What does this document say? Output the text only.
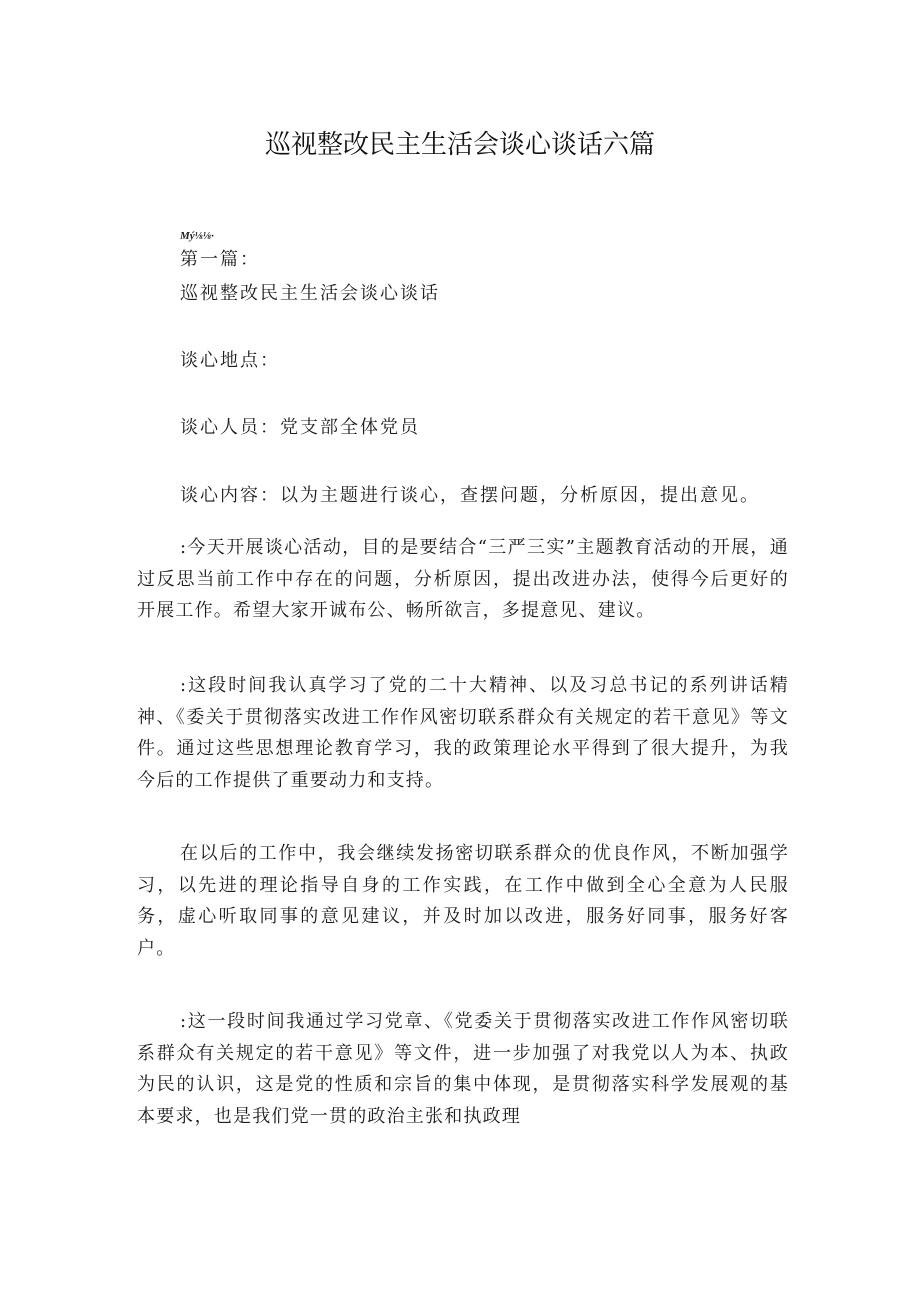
巡视整改民主生活会谈心谈话六篇
Mý⅛⅛·
第一篇：
巡视整改民主生活会谈心谈话
谈心地点：
谈心人员：党支部全体党员
谈心内容：以为主题进行谈心，查摆问题，分析原因，提出意见。

:今天开展谈心活动，目的是要结合“三严三实”主题教育活动的开展，通过反思当前工作中存在的问题，分析原因，提出改进办法，使得今后更好的开展工作。希望大家开诚布公、畅所欲言，多提意见、建议。

:这段时间我认真学习了党的二十大精神、以及习总书记的系列讲话精神、《委关于贯彻落实改进工作作风密切联系群众有关规定的若干意见》等文件。通过这些思想理论教育学习，我的政策理论水平得到了很大提升，为我今后的工作提供了重要动力和支持。

在以后的工作中，我会继续发扬密切联系群众的优良作风，不断加强学习，以先进的理论指导自身的工作实践，在工作中做到全心全意为人民服务，虚心听取同事的意见建议，并及时加以改进，服务好同事，服务好客户。

:这一段时间我通过学习党章、《党委关于贯彻落实改进工作作风密切联系群众有关规定的若干意见》等文件，进一步加强了对我党以人为本、执政为民的认识，这是党的性质和宗旨的集中体现，是贯彻落实科学发展观的基本要求，也是我们党一贯的政治主张和执政理
